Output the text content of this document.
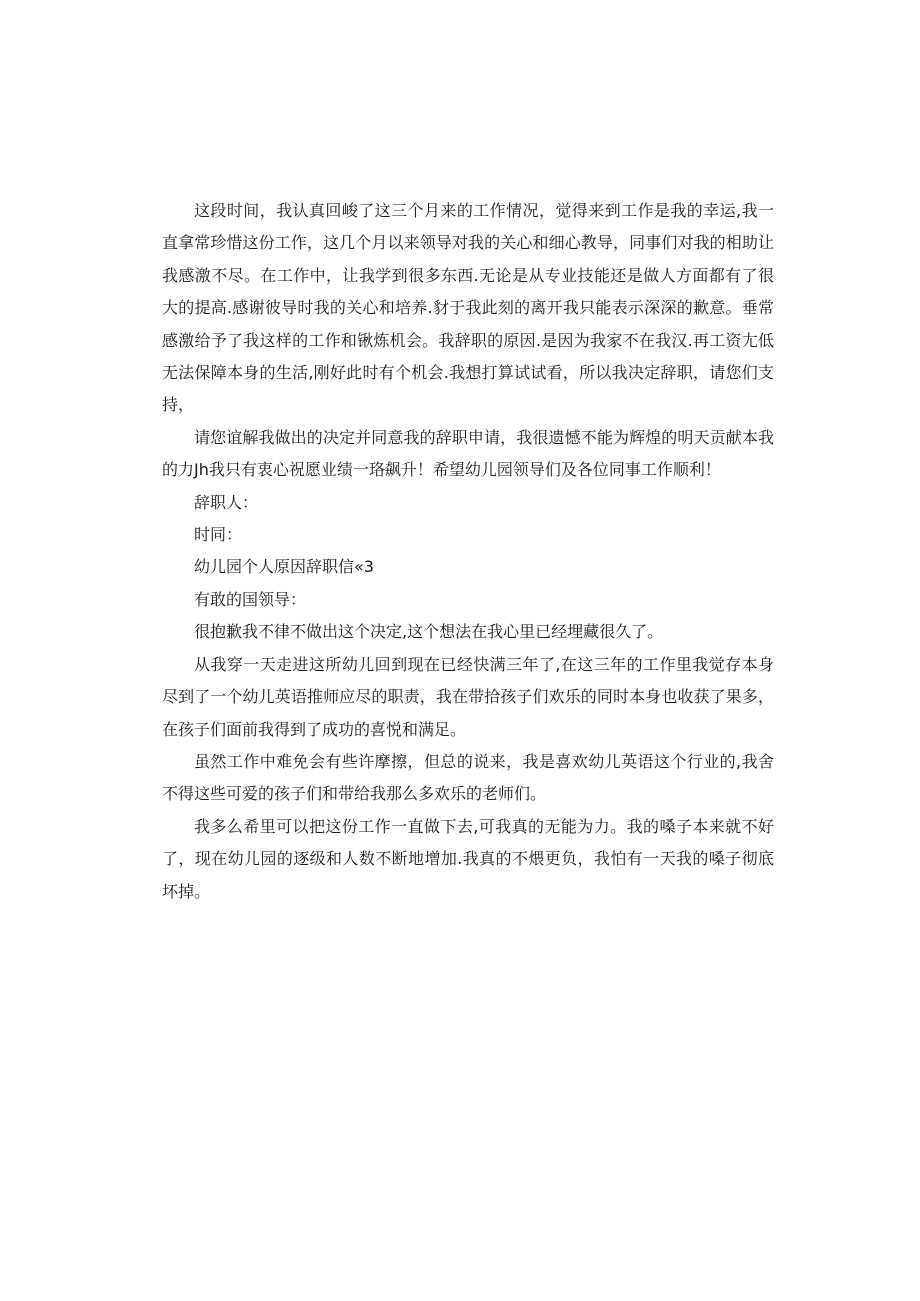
这段时间，我认真回峻了这三个月来的工作情况，觉得来到工作是我的幸运,我一直拿常珍惜这份工作，这几个月以来领导对我的关心和细心教导，同事们对我的相助让我感激不尽。在工作中，让我学到很多东西.无论是从专业技能还是做人方面都有了很大的提高.感谢彼导时我的关心和培养.豺于我此刻的离开我只能表示深深的歉意。垂常感激给予了我这样的工作和锹炼机会。我辞职的原因.是因为我家不在我汉.再工资尢低无法保障本身的生活,刚好此时有个机会.我想打算试试看，所以我决定辞职，请您们支持，

请您谊解我做出的决定并同意我的辞职申请，我很遗憾不能为辉煌的明天贡献本我的力Jh我只有衷心祝愿业绩一珞飙升！希望幼儿园领导们及各位同事工作顺利！

辞职人：

时同：

幼儿园个人原因辞职信«3

有敢的国领导：

很抱歉我不律不做出这个决定,这个想法在我心里已经埋藏很久了。

从我穿一天走进这所幼儿回到现在已经快满三年了,在这三年的工作里我觉存本身尽到了一个幼儿英语推师应尽的职责，我在带拾孩子们欢乐的同时本身也收获了果多，在孩子们面前我得到了成功的喜悦和满足。

虽然工作中难免会有些许摩擦，但总的说来，我是喜欢幼儿英语这个行业的,我舍不得这些可爱的孩子们和带给我那么多欢乐的老师们。

我多么希里可以把这份工作一直做下去,可我真的无能为力。我的嗓子本来就不好了，现在幼儿园的逐级和人数不断地增加.我真的不煨更负，我怕有一天我的嗓子彻底坏掉。
